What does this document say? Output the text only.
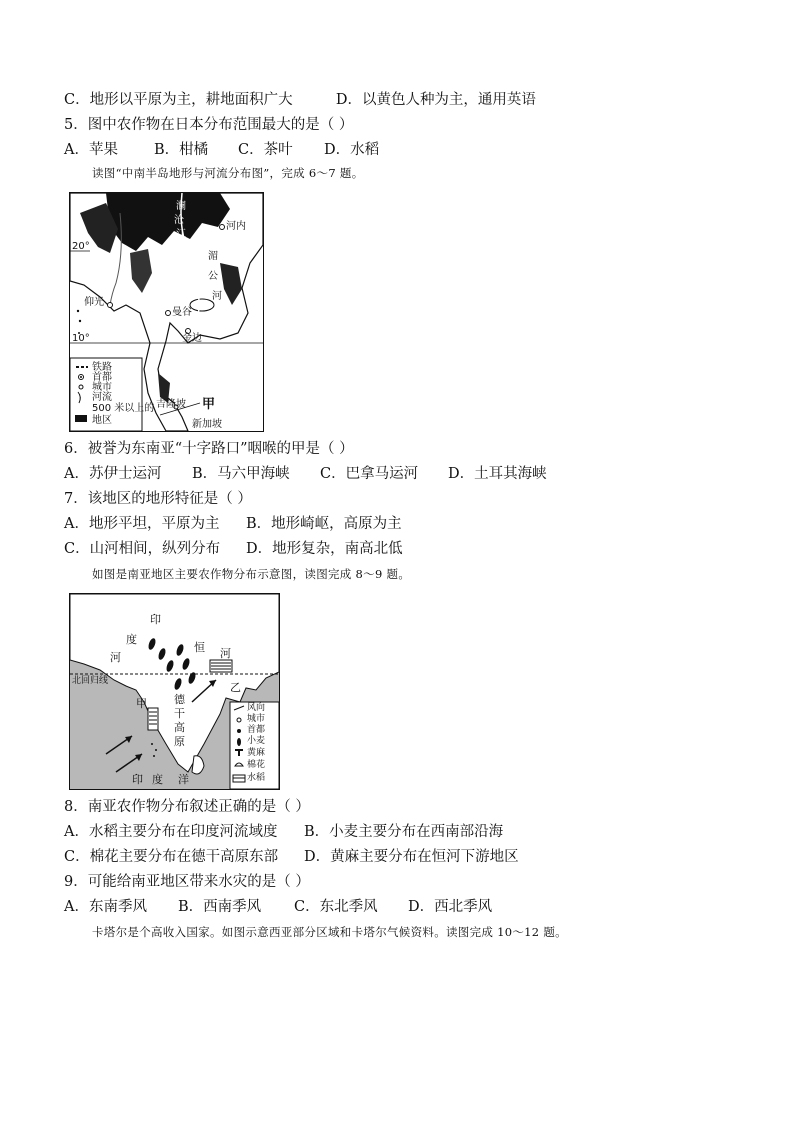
C．地形以平原为主，耕地面积广大	D．以黄色人种为主，通用英语
5．图中农作物在日本分布范围最大的是（ ）
A．苹果	B．柑橘	C．茶叶	D．水稻
读图“中南半岛地形与河流分布图”，完成 6～7 题。
澜
沧
江
河内
20°
仰光
湄
公
河
曼谷
金边
10°
甲
吉隆坡
新加坡
铁路
首都
城市
河流
500 米以上的
地区
6．被誉为东南亚“十字路口”咽喉的甲是（ ）
A．苏伊士运河	B．马六甲海峡	C．巴拿马运河	D．土耳其海峡
7．该地区的地形特征是（ ）
A．地形平坦，平原为主	B．地形崎岖，高原为主
C．山河相间，纵列分布	D．地形复杂，南高北低
如图是南亚地区主要农作物分布示意图，读图完成 8～9 题。
印
度
河
恒 河
北回归线
甲
乙
德
干
高
原
印 度 洋
风向
城市
首都
小麦
黄麻
棉花
水稻
8．南亚农作物分布叙述正确的是（ ）
A．水稻主要分布在印度河流域度	B．小麦主要分布在西南部沿海
C．棉花主要分布在德干高原东部	D．黄麻主要分布在恒河下游地区
9．可能给南亚地区带来水灾的是（ ）
A．东南季风	B．西南季风	C．东北季风	D．西北季风
卡塔尔是个高收入国家。如图示意西亚部分区域和卡塔尔气候资料。读图完成 10～12 题。
